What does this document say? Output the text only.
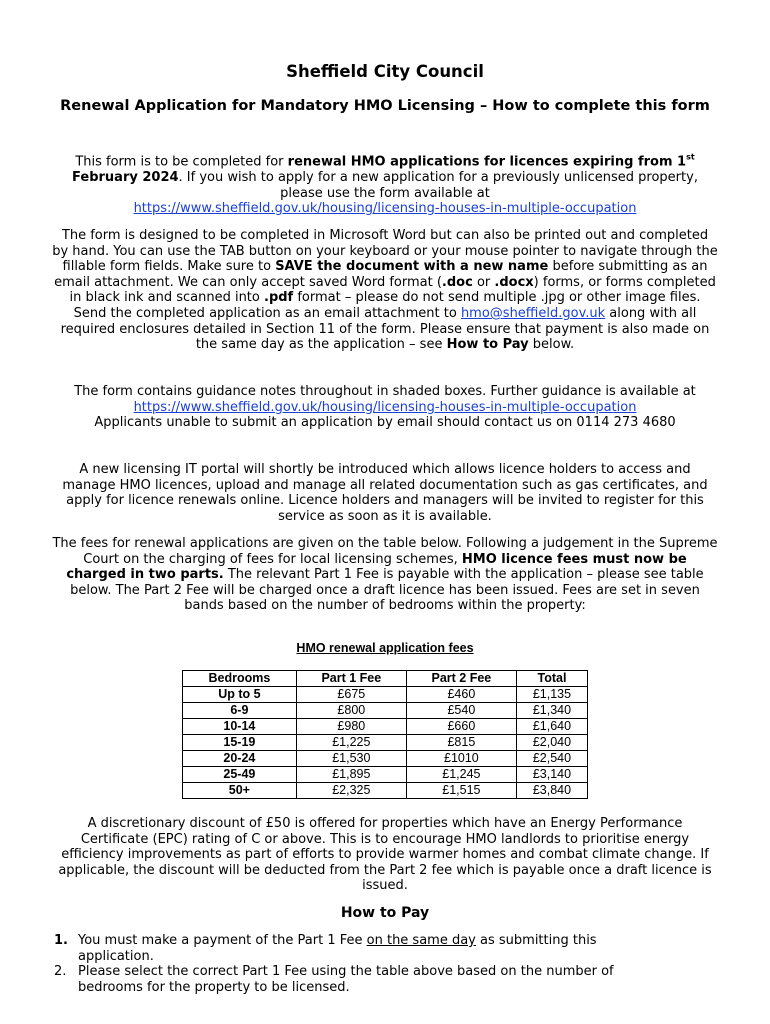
Sheffield City Council
Renewal Application for Mandatory HMO Licensing – How to complete this form

This form is to be completed for renewal HMO applications for licences expiring from 1st February 2024. If you wish to apply for a new application for a previously unlicensed property, please use the form available at
https://www.sheffield.gov.uk/housing/licensing-houses-in-multiple-occupation

The form is designed to be completed in Microsoft Word but can also be printed out and completed by hand. You can use the TAB button on your keyboard or your mouse pointer to navigate through the fillable form fields. Make sure to SAVE the document with a new name before submitting as an email attachment. We can only accept saved Word format (.doc or .docx) forms, or forms completed in black ink and scanned into .pdf format – please do not send multiple .jpg or other image files. Send the completed application as an email attachment to hmo@sheffield.gov.uk along with all required enclosures detailed in Section 11 of the form. Please ensure that payment is also made on the same day as the application – see How to Pay below.

The form contains guidance notes throughout in shaded boxes. Further guidance is available at
https://www.sheffield.gov.uk/housing/licensing-houses-in-multiple-occupation
Applicants unable to submit an application by email should contact us on 0114 273 4680

A new licensing IT portal will shortly be introduced which allows licence holders to access and manage HMO licences, upload and manage all related documentation such as gas certificates, and apply for licence renewals online. Licence holders and managers will be invited to register for this service as soon as it is available.

The fees for renewal applications are given on the table below. Following a judgement in the Supreme Court on the charging of fees for local licensing schemes, HMO licence fees must now be charged in two parts. The relevant Part 1 Fee is payable with the application – please see table below. The Part 2 Fee will be charged once a draft licence has been issued. Fees are set in seven bands based on the number of bedrooms within the property:

HMO renewal application fees

Bedrooms	Part 1 Fee	Part 2 Fee	Total
Up to 5	£675	£460	£1,135
6-9	£800	£540	£1,340
10-14	£980	£660	£1,640
15-19	£1,225	£815	£2,040
20-24	£1,530	£1010	£2,540
25-49	£1,895	£1,245	£3,140
50+	£2,325	£1,515	£3,840

A discretionary discount of £50 is offered for properties which have an Energy Performance Certificate (EPC) rating of C or above. This is to encourage HMO landlords to prioritise energy efficiency improvements as part of efforts to provide warmer homes and combat climate change. If applicable, the discount will be deducted from the Part 2 fee which is payable once a draft licence is issued.

How to Pay
1. You must make a payment of the Part 1 Fee on the same day as submitting this application.
2. Please select the correct Part 1 Fee using the table above based on the number of bedrooms for the property to be licensed.
